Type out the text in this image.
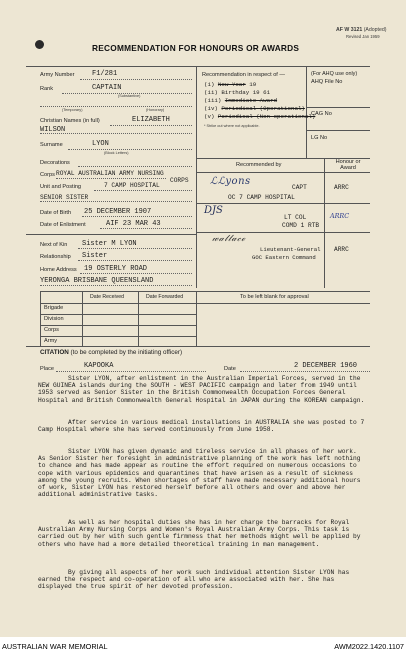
AF W 3121 (Adopted)
Revised Jan 1959
RECOMMENDATION FOR HONOURS OR AWARDS
Army Number	F1/281
Rank	CAPTAIN
(Substantive)
(Temporary)	(Honorary)
Christian Names (in full)	ELIZABETH
WILSON
Surname	LYON
(Block Letters)
Decorations
Corps ROYAL AUSTRALIAN ARMY NURSING
CORPS
Unit and Posting	7 CAMP HOSPITAL
SENIOR SISTER
Date of Birth 25 DECEMBER 1907
Date of Enlistment	AIF 23 MAR 43
Next of Kin Sister M LYON
Relationship Sister
Home Address 19 OSTERLY ROAD
YERONGA BRISBANE QUEENSLAND
Recommendation in respect of —
(i) New Year 19
(ii) Birthday 19 61
(iii) Immediate Award
(iv) Periodical (Operational)
(v) Periodical (Non-operational)
* Strike out where not applicable.
(For AHQ use only)
AHQ File No
CAG No
LG No
Recommended by	Honour or Award
ℒℒyons
CAPT
OC 7 CAMP HOSPITAL
ARRC
DJS
LT COL
COMD 1 RTB
ARRC
𝓌𝒶𝓁𝓁𝒶𝒸ℯ
Lieutenant-General
GOC Eastern Command
ARRC
Date Received	Date Forwarded	To be left blank for approval
Brigade
Division
Corps
Army
CITATION (to be completed by the initiating officer)
Place	KAPOOKA	Date	2 DECEMBER 1960
Sister LYON, after enlistment in the Australian Imperial Forces, served in the NEW GUINEA islands during the SOUTH - WEST PACIFIC campaign and later from 1949 until 1953 served as Senior Sister in the British Commonwealth Occupation Forces General Hospital and British Commonwealth General Hospital in JAPAN during the KOREAN campaign.
After service in various medical installations in AUSTRALIA she was posted to 7 Camp Hospital where she has served continuously from June 1958.
Sister LYON has given dynamic and tireless service in all phases of her work. As Senior Sister her foresight in administrative planning of the work has left nothing to chance and has made appear as routine the effort required on numerous occasions to cope with various epidemics and quarantines that have arisen as a result of sickness among the young recruits. When shortages of staff have made necessary additional hours of work, Sister LYON has restored herself before all others and over and above her additional administrative tasks.
As well as her hospital duties she has in her charge the barracks for Royal Australian Army Nursing Corps and Women's Royal Australian Army Corps. This task is carried out by her with such gentle firmness that her methods might well be applied by others who have had a more detailed theoretical training in man management.
By giving all aspects of her work such individual attention Sister LYON has earned the respect and co-operation of all who are associated with her. She has displayed the true spirit of her devoted profession.
AUSTRALIAN WAR MEMORIAL	AWM2022.1420.1107
